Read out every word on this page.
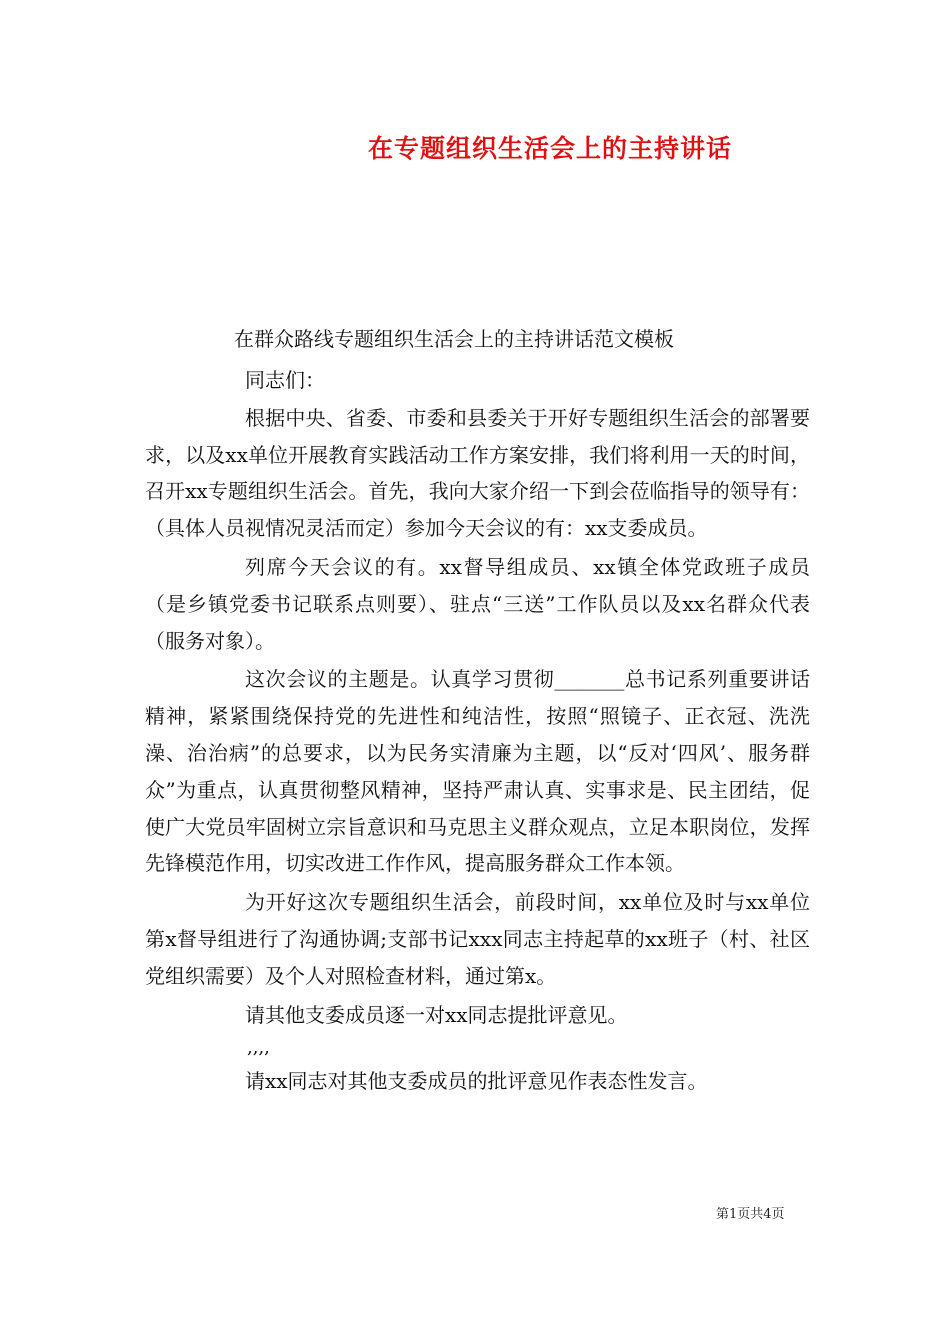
在专题组织生活会上的主持讲话
在群众路线专题组织生活会上的主持讲话范文模板

同志们：

根据中央、省委、市委和县委关于开好专题组织生活会的部署要求，以及xx单位开展教育实践活动工作方案安排，我们将利用一天的时间，召开xx专题组织生活会。首先，我向大家介绍一下到会莅临指导的领导有：（具体人员视情况灵活而定）参加今天会议的有：xx支委成员。

列席今天会议的有。xx督导组成员、xx镇全体党政班子成员（是乡镇党委书记联系点则要）、驻点“三送”工作队员以及xx名群众代表（服务对象）。

这次会议的主题是。认真学习贯彻_______总书记系列重要讲话精神，紧紧围绕保持党的先进性和纯洁性，按照“照镜子、正衣冠、洗洗澡、治治病”的总要求，以为民务实清廉为主题，以“反对‘四风’、服务群众”为重点，认真贯彻整风精神，坚持严肃认真、实事求是、民主团结，促使广大党员牢固树立宗旨意识和马克思主义群众观点，立足本职岗位，发挥先锋模范作用，切实改进工作作风，提高服务群众工作本领。

为开好这次专题组织生活会，前段时间，xx单位及时与xx单位第x督导组进行了沟通协调;支部书记xxx同志主持起草的xx班子（村、社区党组织需要）及个人对照检查材料，通过第x。

请其他支委成员逐一对xx同志提批评意见。

,,,,

请xx同志对其他支委成员的批评意见作表态性发言。

第1页共4页
